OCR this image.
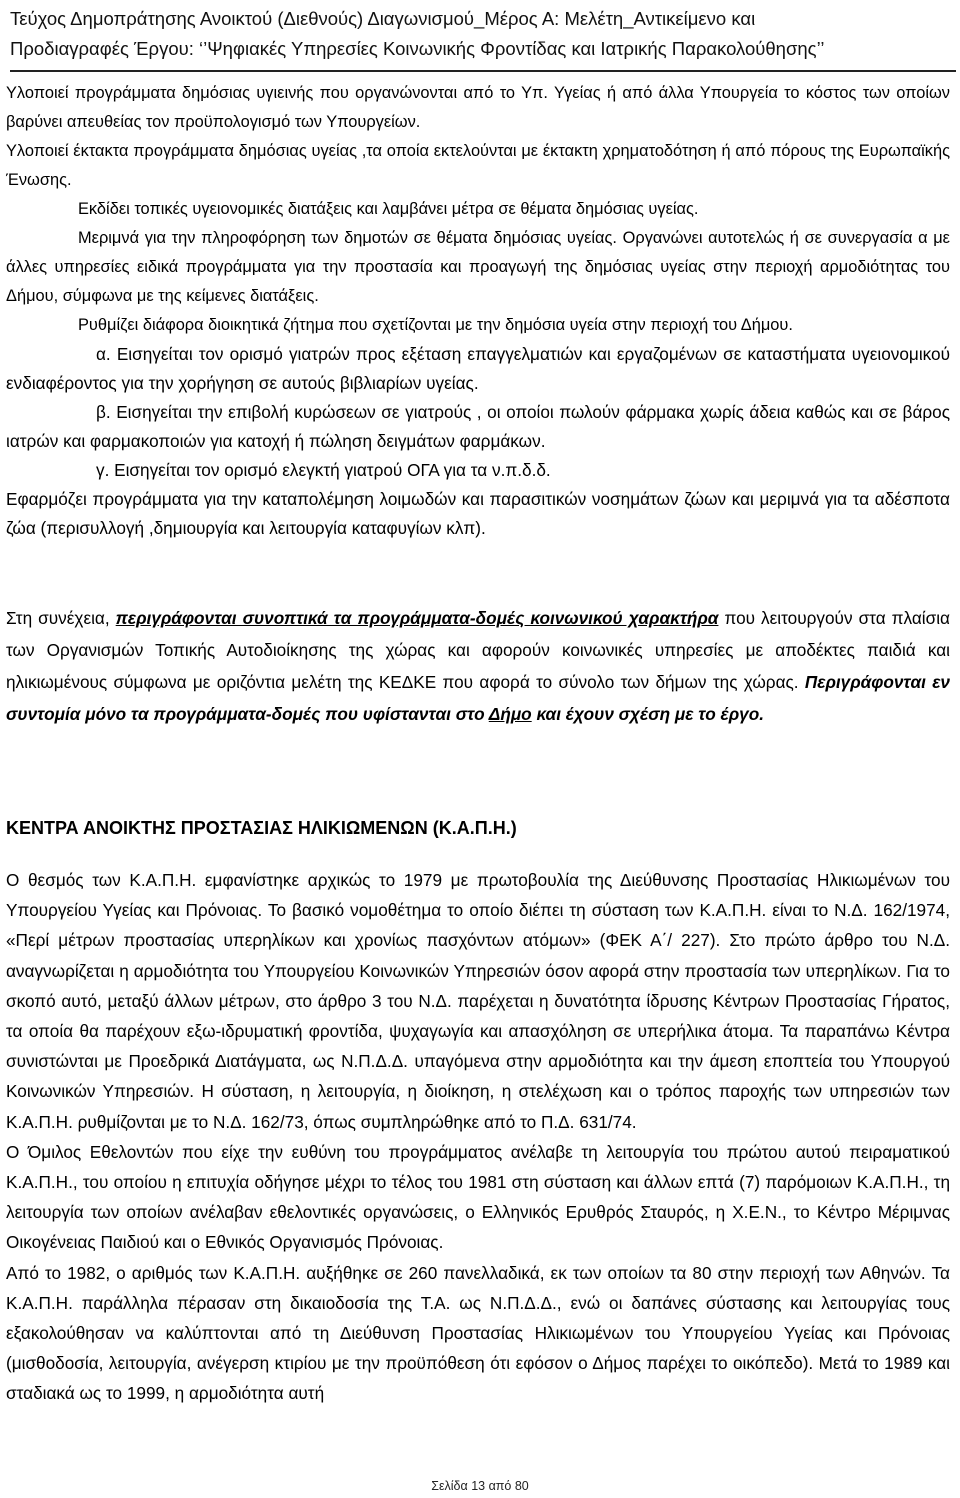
Τεύχος Δημοπράτησης Ανοικτού (Διεθνούς) Διαγωνισμού_Μέρος Α: Μελέτη_Αντικείμενο και
Προδιαγραφές Έργου: ‘’Ψηφιακές Υπηρεσίες Κοινωνικής Φροντίδας και Ιατρικής Παρακολούθησης’’

Υλοποιεί προγράμματα δημόσιας υγιεινής που οργανώνονται από το Υπ. Υγείας ή από άλλα Υπουργεία το κόστος των οποίων βαρύνει απευθείας τον προϋπολογισμό των Υπουργείων.

Υλοποιεί έκτακτα προγράμματα δημόσιας υγείας ,τα οποία εκτελούνται με έκτακτη χρηματοδότηση ή από πόρους της Ευρωπαϊκής Ένωσης.

Εκδίδει τοπικές υγειονομικές διατάξεις και λαμβάνει μέτρα σε θέματα δημόσιας υγείας.

Μεριμνά για την πληροφόρηση των δημοτών σε θέματα δημόσιας υγείας. Οργανώνει αυτοτελώς ή σε συνεργασία α με άλλες υπηρεσίες ειδικά προγράμματα για την προστασία και προαγωγή της δημόσιας υγείας στην περιοχή αρμοδιότητας του Δήμου, σύμφωνα με της κείμενες διατάξεις.

Ρυθμίζει διάφορα διοικητικά ζήτημα που σχετίζονται με την δημόσια υγεία στην περιοχή του Δήμου.

α. Εισηγείται τον ορισμό γιατρών προς εξέταση επαγγελματιών και εργαζομένων σε καταστήματα υγειονομικού ενδιαφέροντος για την χορήγηση σε αυτούς βιβλιαρίων υγείας.

β. Εισηγείται την επιβολή κυρώσεων σε γιατρούς , οι οποίοι πωλούν φάρμακα χωρίς άδεια καθώς και σε βάρος ιατρών και φαρμακοποιών για κατοχή ή πώληση δειγμάτων φαρμάκων.

γ. Εισηγείται τον ορισμό ελεγκτή γιατρού ΟΓΑ για τα ν.π.δ.δ.

Εφαρμόζει προγράμματα για την καταπολέμηση λοιμωδών και παρασιτικών νοσημάτων ζώων και μεριμνά για τα αδέσποτα ζώα (περισυλλογή ,δημιουργία και λειτουργία καταφυγίων κλπ).

Στη συνέχεια, περιγράφονται συνοπτικά τα προγράμματα-δομές κοινωνικού χαρακτήρα που λειτουργούν στα πλαίσια των Οργανισμών Τοπικής Αυτοδιοίκησης της χώρας και αφορούν κοινωνικές υπηρεσίες με αποδέκτες παιδιά και ηλικιωμένους σύμφωνα με οριζόντια μελέτη της ΚΕΔΚΕ που αφορά το σύνολο των δήμων της χώρας. Περιγράφονται εν συντομία μόνο τα προγράμματα-δομές που υφίστανται στο Δήμο και έχουν σχέση με το έργο.

ΚΕΝΤΡΑ ΑΝΟΙΚΤΗΣ ΠΡΟΣΤΑΣΙΑΣ ΗΛΙΚΙΩΜΕΝΩΝ (Κ.Α.Π.Η.)

Ο θεσμός των Κ.Α.Π.Η. εμφανίστηκε αρχικώς το 1979 με πρωτοβουλία της Διεύθυνσης Προστασίας Ηλικιωμένων του Υπουργείου Υγείας και Πρόνοιας. Το βασικό νομοθέτημα το οποίο διέπει τη σύσταση των Κ.Α.Π.Η. είναι το Ν.Δ. 162/1974, «Περί μέτρων προστασίας υπερηλίκων και χρονίως πασχόντων ατόμων» (ΦΕΚ Α΄/ 227). Στο πρώτο άρθρο του Ν.Δ. αναγνωρίζεται η αρμοδιότητα του Υπουργείου Κοινωνικών Υπηρεσιών όσον αφορά στην προστασία των υπερηλίκων. Για το σκοπό αυτό, μεταξύ άλλων μέτρων, στο άρθρο 3 του Ν.Δ. παρέχεται η δυνατότητα ίδρυσης Κέντρων Προστασίας Γήρατος, τα οποία θα παρέχουν εξω-ιδρυματική φροντίδα, ψυχαγωγία και απασχόληση σε υπερήλικα άτομα. Τα παραπάνω Κέντρα συνιστώνται με Προεδρικά Διατάγματα, ως Ν.Π.Δ.Δ. υπαγόμενα στην αρμοδιότητα και την άμεση εποπτεία του Υπουργού Κοινωνικών Υπηρεσιών. Η σύσταση, η λειτουργία, η διοίκηση, η στελέχωση και ο τρόπος παροχής των υπηρεσιών των Κ.Α.Π.Η. ρυθμίζονται με το Ν.Δ. 162/73, όπως συμπληρώθηκε από το Π.Δ. 631/74.

Ο Όμιλος Εθελοντών που είχε την ευθύνη του προγράμματος ανέλαβε τη λειτουργία του πρώτου αυτού πειραματικού Κ.Α.Π.Η., του οποίου η επιτυχία οδήγησε μέχρι το τέλος του 1981 στη σύσταση και άλλων επτά (7) παρόμοιων Κ.Α.Π.Η., τη λειτουργία των οποίων ανέλαβαν εθελοντικές οργανώσεις, ο Ελληνικός Ερυθρός Σταυρός, η Χ.Ε.Ν., το Κέντρο Μέριμνας Οικογένειας Παιδιού και ο Εθνικός Οργανισμός Πρόνοιας.

Από το 1982, ο αριθμός των Κ.Α.Π.Η. αυξήθηκε σε 260 πανελλαδικά, εκ των οποίων τα 80 στην περιοχή των Αθηνών. Τα Κ.Α.Π.Η. παράλληλα πέρασαν στη δικαιοδοσία της Τ.Α. ως Ν.Π.Δ.Δ., ενώ οι δαπάνες σύστασης και λειτουργίας τους εξακολούθησαν να καλύπτονται από τη Διεύθυνση Προστασίας Ηλικιωμένων του Υπουργείου Υγείας και Πρόνοιας (μισθοδοσία, λειτουργία, ανέγερση κτιρίου με την προϋπόθεση ότι εφόσον ο Δήμος παρέχει το οικόπεδο). Μετά το 1989 και σταδιακά ως το 1999, η αρμοδιότητα αυτή

Σελίδα 13 από 80
